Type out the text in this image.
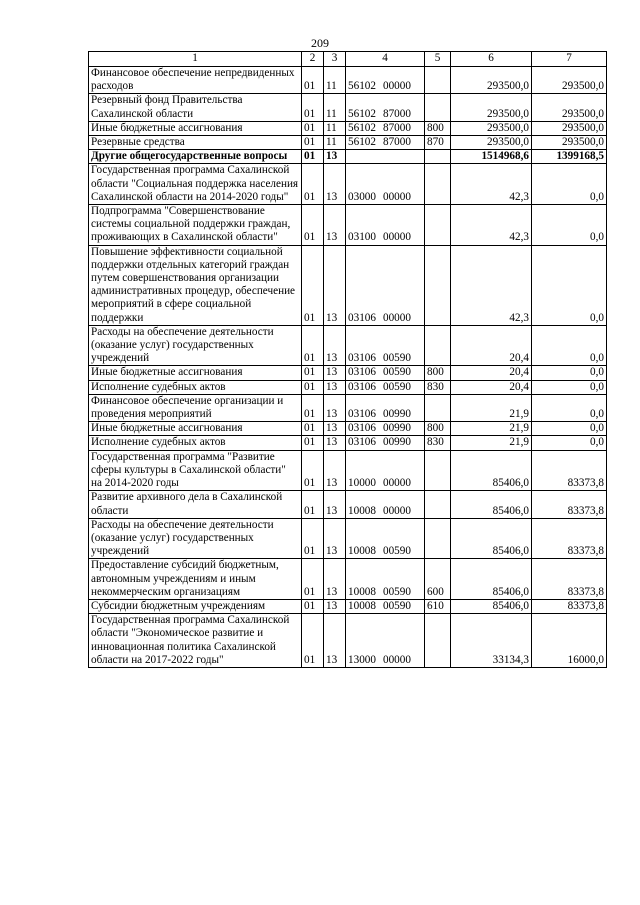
209
1	2	3	4	5	6	7
Финансовое обеспечение непредвиденных расходов	01	11	56102 00000		293500,0	293500,0
Резервный фонд Правительства Сахалинской области	01	11	56102 87000		293500,0	293500,0
Иные бюджетные ассигнования	01	11	56102 87000	800	293500,0	293500,0
Резервные средства	01	11	56102 87000	870	293500,0	293500,0
Другие общегосударственные вопросы	01	13			1514968,6	1399168,5
Государственная программа Сахалинской области "Социальная поддержка населения Сахалинской области на 2014-2020 годы"	01	13	03000 00000		42,3	0,0
Подпрограмма "Совершенствование системы социальной поддержки граждан, проживающих в Сахалинской области"	01	13	03100 00000		42,3	0,0
Повышение эффективности социальной поддержки отдельных категорий граждан путем совершенствования организации административных процедур, обеспечение мероприятий в сфере социальной поддержки	01	13	03106 00000		42,3	0,0
Расходы на обеспечение деятельности (оказание услуг) государственных учреждений	01	13	03106 00590		20,4	0,0
Иные бюджетные ассигнования	01	13	03106 00590	800	20,4	0,0
Исполнение судебных актов	01	13	03106 00590	830	20,4	0,0
Финансовое обеспечение организации и проведения мероприятий	01	13	03106 00990		21,9	0,0
Иные бюджетные ассигнования	01	13	03106 00990	800	21,9	0,0
Исполнение судебных актов	01	13	03106 00990	830	21,9	0,0
Государственная программа "Развитие сферы культуры в Сахалинской области" на 2014-2020 годы	01	13	10000 00000		85406,0	83373,8
Развитие архивного дела в Сахалинской области	01	13	10008 00000		85406,0	83373,8
Расходы на обеспечение деятельности (оказание услуг) государственных учреждений	01	13	10008 00590		85406,0	83373,8
Предоставление субсидий бюджетным, автономным учреждениям и иным некоммерческим организациям	01	13	10008 00590	600	85406,0	83373,8
Субсидии бюджетным учреждениям	01	13	10008 00590	610	85406,0	83373,8
Государственная программа Сахалинской области "Экономическое развитие и инновационная политика Сахалинской области на 2017-2022 годы"	01	13	13000 00000		33134,3	16000,0
